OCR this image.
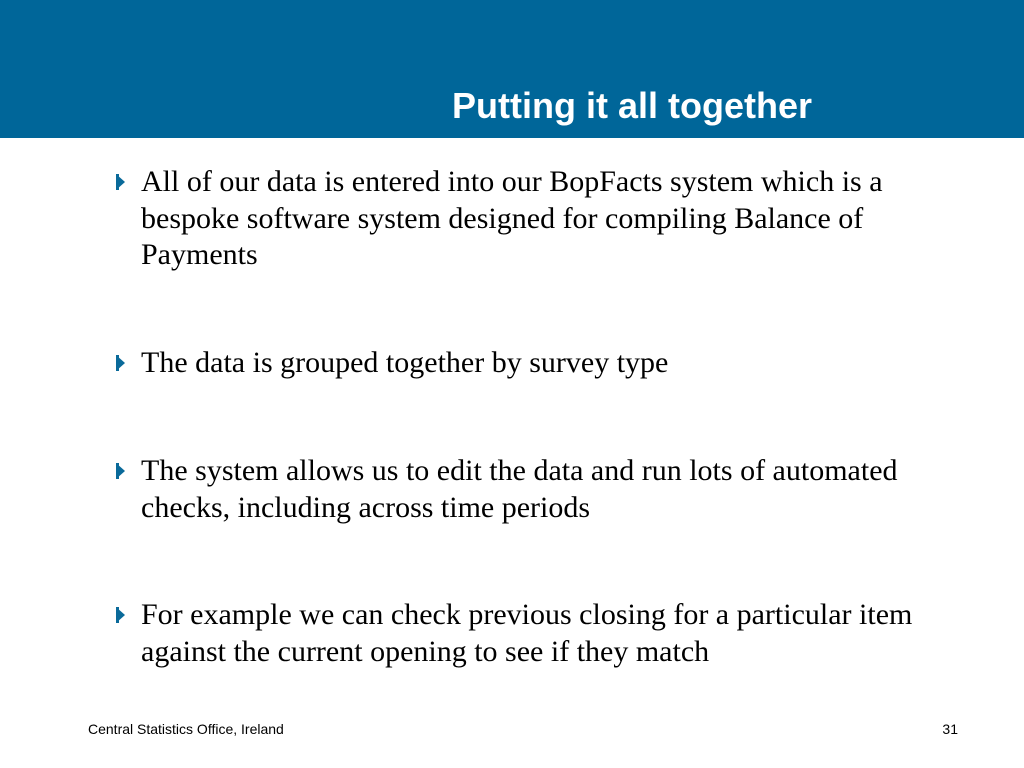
Putting it all together
All of our data is entered into our BopFacts system which is a bespoke software system designed for compiling Balance of Payments
The data is grouped together by survey type
The system allows us to edit the data and run lots of automated checks, including across time periods
For example we can check previous closing for a particular item against the current opening to see if they match
Central Statistics Office, Ireland	31
